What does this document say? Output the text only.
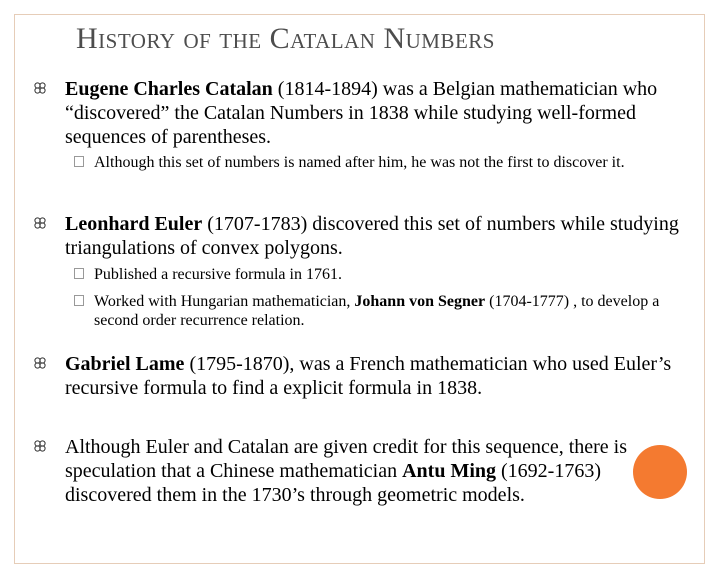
History of the Catalan Numbers
Eugene Charles Catalan (1814-1894) was a Belgian mathematician who “discovered” the Catalan Numbers in 1838 while studying well-formed sequences of parentheses.
Although this set of numbers is named after him, he was not the first to discover it.
Leonhard Euler (1707-1783) discovered this set of numbers while studying triangulations of convex polygons.
Published a recursive formula in 1761.
Worked with Hungarian mathematician, Johann von Segner (1704-1777) , to develop a second order recurrence relation.
Gabriel Lame (1795-1870), was a French mathematician who used Euler’s recursive formula to find a explicit formula in 1838.
Although Euler and Catalan are given credit for this sequence, there is speculation that a Chinese mathematician Antu Ming (1692-1763) discovered them in the 1730’s through geometric models.
